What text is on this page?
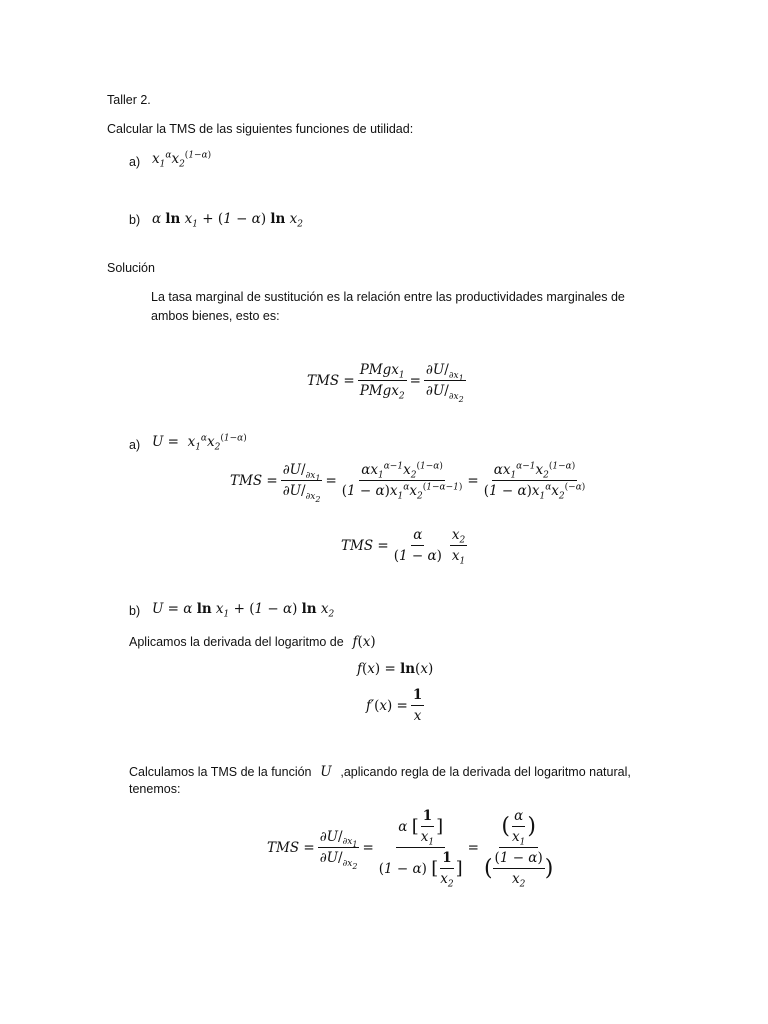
Taller 2.
Calcular la TMS de las siguientes funciones de utilidad:
a) $x_1^\alpha x_2^{(1-\alpha)}$
b) α $\ln x_1 + (1 - \alpha)$ $\ln x_2$
Solución
La tasa marginal de sustitución es la relación entre las productividades marginales de
ambos bienes, esto es:
TMS = $\frac{PMgx_1}{PMgx_2} = \frac{\partial U/_{\partial x_1}}{\partial U/_{\partial x_2}}$
a) $U = x_1^\alpha x_2^{(1-\alpha)}$
TMS = $\frac{\partial U/_{\partial x_1}}{\partial U/_{\partial x_2}} = \frac{\alpha x_1^{\alpha-1}x_2^{(1-\alpha)}}{(1 - \alpha)x_1^\alpha x_2^{(1-\alpha-1)}} = \frac{\alpha x_1^{\alpha-1}x_2^{(1-\alpha)}}{(1 - \alpha)x_1^\alpha x_2^{(-\alpha)}}$
TMS = $\frac{\alpha}{(1 - \alpha)} \frac{x_2}{x_1}$
b) U = α $\ln x_1 + (1 - \alpha)$ $\ln x_2$
Aplicamos la derivada del logaritmo de  f(x)
f(x) = ln(x)
$f'(x) = \frac{1}{x}$
Calculamos la TMS de la función  U  ,aplicando regla de la derivada del logaritmo natural,
tenemos:
TMS = $\frac{\partial U/_{\partial x_1}}{\partial U/_{\partial x_2}} = \alpha$ [ $\frac{1}{x_1}$ ]
( 1 − α )
[ $\frac{1}{x_2}$ ] = $\frac{( \frac{\alpha}{x_1} )}{( \frac{(1 - \alpha)}{x_2} )}$
